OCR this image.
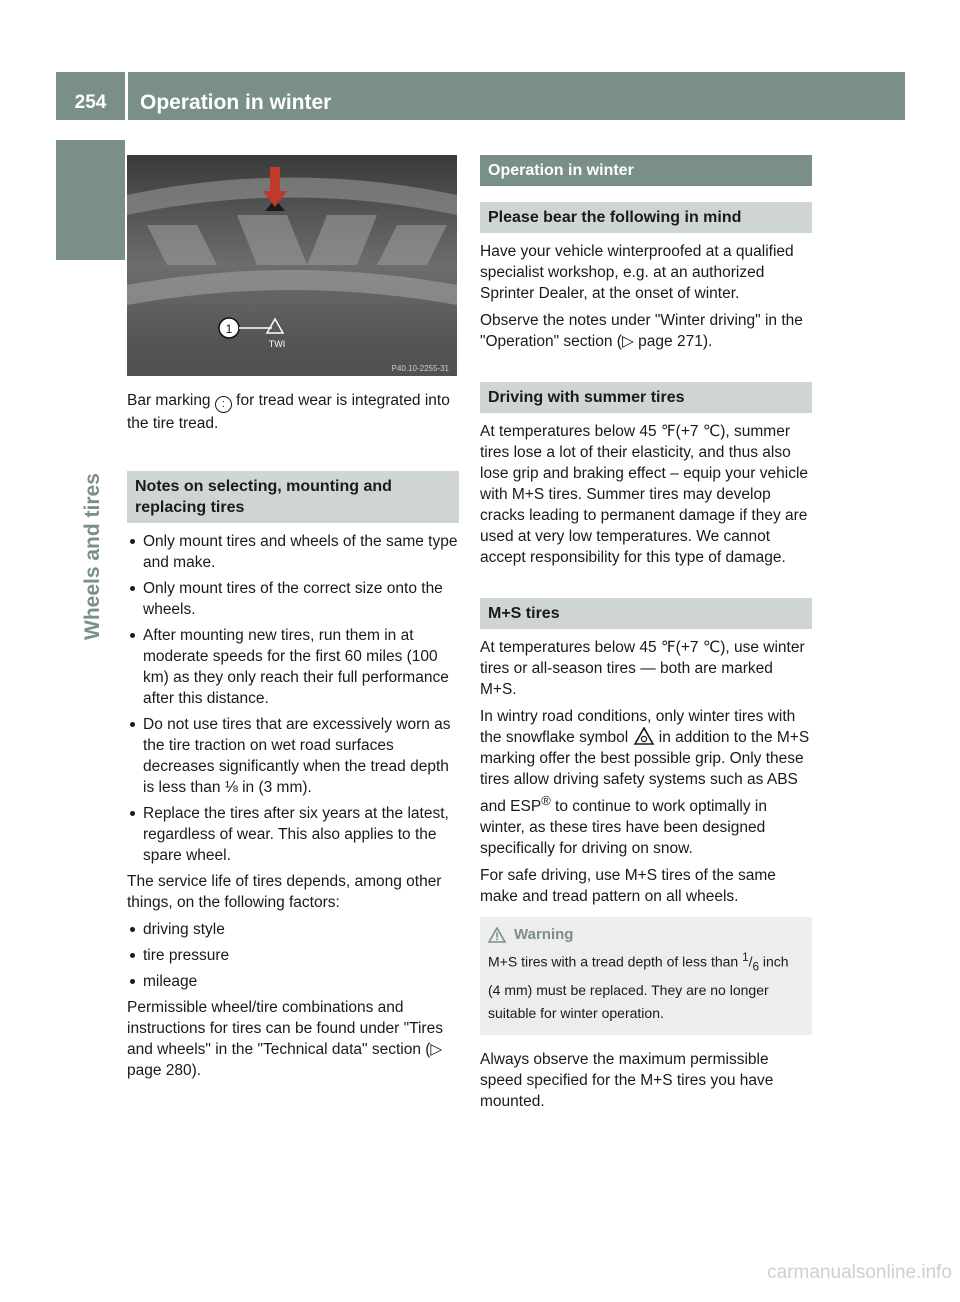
254	Operation in winter
Wheels and tires
1
TWI
P40.10-2255-31

Bar marking : for tread wear is integrated into the tire tread.

Notes on selecting, mounting and replacing tires
Only mount tires and wheels of the same type and make.
Only mount tires of the correct size onto the wheels.
After mounting new tires, run them in at moderate speeds for the first 60 miles (100 km) as they only reach their full performance after this distance.
Do not use tires that are excessively worn as the tire traction on wet road surfaces decreases significantly when the tread depth is less than ⅛ in (3 mm).
Replace the tires after six years at the latest, regardless of wear. This also applies to the spare wheel.

The service life of tires depends, among other things, on the following factors:

driving style
tire pressure
mileage

Permissible wheel/tire combinations and instructions for tires can be found under "Tires and wheels" in the "Technical data" section (▷ page 280).

Operation in winter
Please bear the following in mind

Have your vehicle winterproofed at a qualified specialist workshop, e.g. at an authorized Sprinter Dealer, at the onset of winter.

Observe the notes under "Winter driving" in the "Operation" section (▷ page 271).

Driving with summer tires

At temperatures below 45 ℉(+7 ℃), summer tires lose a lot of their elasticity, and thus also lose grip and braking effect – equip your vehicle with M+S tires. Summer tires may develop cracks leading to permanent damage if they are used at very low temperatures. We cannot accept responsibility for this type of damage.

M+S tires

At temperatures below 45 ℉(+7 ℃), use winter tires or all-season tires — both are marked M+S.

In wintry road conditions, only winter tires with the snowflake symbol  in addition to the M+S marking offer the best possible grip. Only these tires allow driving safety systems such as ABS and ESP® to continue to work optimally in winter, as these tires have been designed specifically for driving on snow.

For safe driving, use M+S tires of the same make and tread pattern on all wheels.

Warning
M+S tires with a tread depth of less than $^1/_6$ inch (4 mm) must be replaced. They are no longer suitable for winter operation.

Always observe the maximum permissible speed specified for the M+S tires you have mounted.

carmanualsonline.info
